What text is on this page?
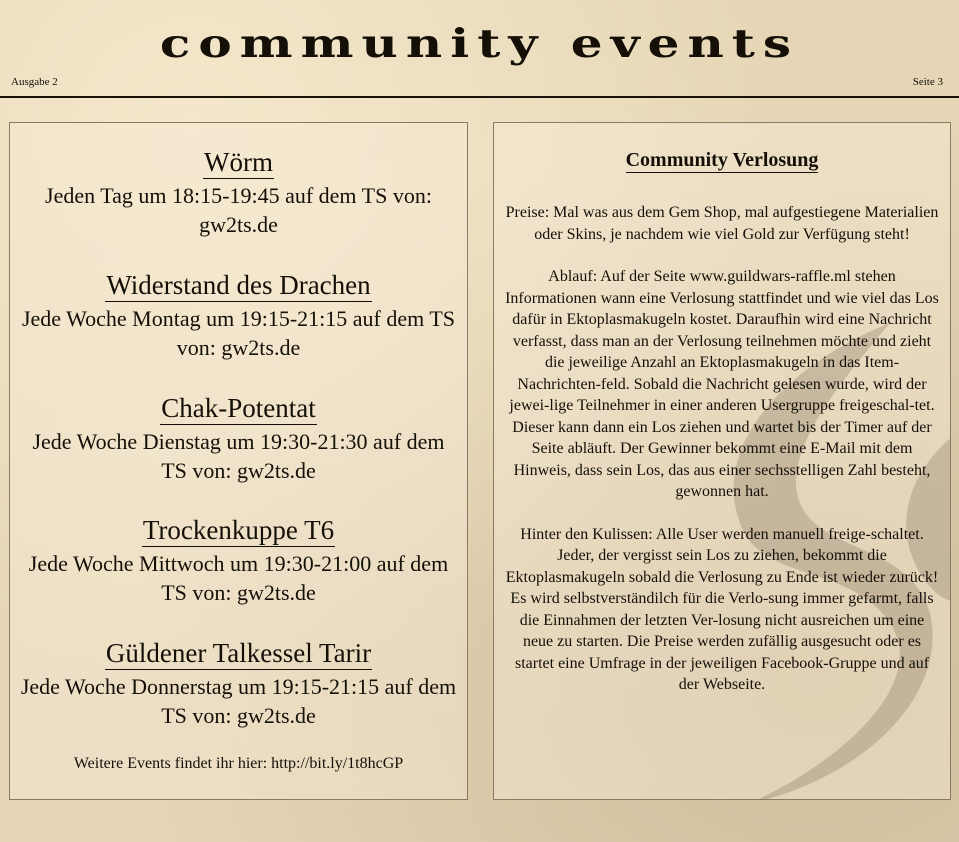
community events
Ausgabe 2	Seite 3
Wörm
Jeden Tag um 18:15-19:45 auf dem TS von: gw2ts.de
Widerstand des Drachen
Jede Woche Montag um 19:15-21:15 auf dem TS von: gw2ts.de
Chak-Potentat
Jede Woche Dienstag um 19:30-21:30 auf dem TS von: gw2ts.de
Trockenkuppe T6
Jede Woche Mittwoch um 19:30-21:00 auf dem TS von: gw2ts.de
Güldener Talkessel Tarir
Jede Woche Donnerstag um 19:15-21:15 auf dem TS von: gw2ts.de
Weitere Events findet ihr hier: http://bit.ly/1t8hcGP
Community Verlosung
Preise: Mal was aus dem Gem Shop, mal aufgestiegene Materialien oder Skins, je nachdem wie viel Gold zur Verfügung steht!
Ablauf: Auf der Seite www.guildwars-raffle.ml stehen Informationen wann eine Verlosung stattfindet und wie viel das Los dafür in Ektoplasmakugeln kostet. Daraufhin wird eine Nachricht verfasst, dass man an der Verlosung teilnehmen möchte und zieht die jeweilige Anzahl an Ektoplasmakugeln in das Item-Nachrichten-feld. Sobald die Nachricht gelesen wurde, wird der jewei-lige Teilnehmer in einer anderen Usergruppe freigeschal-tet. Dieser kann dann ein Los ziehen und wartet bis der Timer auf der Seite abläuft. Der Gewinner bekommt eine E-Mail mit dem Hinweis, dass sein Los, das aus einer sechsstelligen Zahl besteht, gewonnen hat.
Hinter den Kulissen: Alle User werden manuell freige-schaltet. Jeder, der vergisst sein Los zu ziehen, bekommt die Ektoplasmakugeln sobald die Verlosung zu Ende ist wieder zurück! Es wird selbstverständilch für die Verlo-sung immer gefarmt, falls die Einnahmen der letzten Ver-losung nicht ausreichen um eine neue zu starten. Die Preise werden zufällig ausgesucht oder es startet eine Umfrage in der jeweiligen Facebook-Gruppe und auf der Webseite.
